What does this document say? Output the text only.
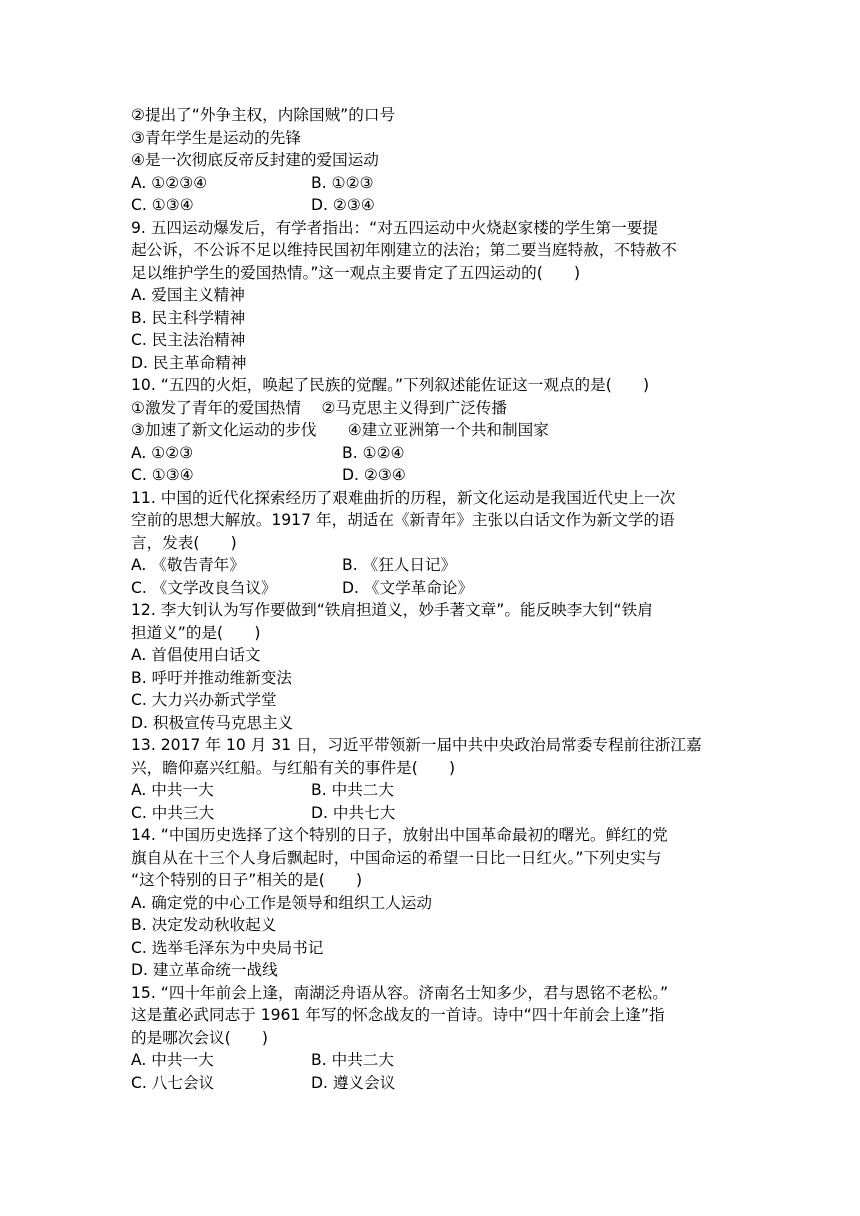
②提出了“外争主权，内除国贼”的口号
③青年学生是运动的先锋
④是一次彻底反帝反封建的爱国运动
A. ①②③④	B. ①②③
C. ①③④	D. ②③④
9. 五四运动爆发后，有学者指出：“对五四运动中火烧赵家楼的学生第一要提
起公诉，不公诉不足以维持民国初年刚建立的法治；第二要当庭特赦，不特赦不
足以维护学生的爱国热情。”这一观点主要肯定了五四运动的(　　)
A. 爱国主义精神
B. 民主科学精神
C. 民主法治精神
D. 民主革命精神
10. “五四的火炬，唤起了民族的觉醒。”下列叙述能佐证这一观点的是(　　)
①激发了青年的爱国热情　 ②马克思主义得到广泛传播
③加速了新文化运动的步伐　　④建立亚洲第一个共和制国家
A. ①②③	B. ①②④
C. ①③④	D. ②③④
11. 中国的近代化探索经历了艰难曲折的历程，新文化运动是我国近代史上一次
空前的思想大解放。1917 年，胡适在《新青年》主张以白话文作为新文学的语
言，发表(　　)
A. 《敬告青年》	B. 《狂人日记》
C. 《文学改良刍议》	D. 《文学革命论》
12. 李大钊认为写作要做到“铁肩担道义，妙手著文章”。能反映李大钊“铁肩
担道义”的是(　　)
A. 首倡使用白话文
B. 呼吁并推动维新变法
C. 大力兴办新式学堂
D. 积极宣传马克思主义
13. 2017 年 10 月 31 日，习近平带领新一届中共中央政治局常委专程前往浙江嘉
兴，瞻仰嘉兴红船。与红船有关的事件是(　　)
A. 中共一大	B. 中共二大
C. 中共三大	D. 中共七大
14. “中国历史选择了这个特别的日子，放射出中国革命最初的曙光。鲜红的党
旗自从在十三个人身后飘起时，中国命运的希望一日比一日红火。”下列史实与
“这个特别的日子”相关的是(　　)
A. 确定党的中心工作是领导和组织工人运动
B. 决定发动秋收起义
C. 选举毛泽东为中央局书记
D. 建立革命统一战线
15. “四十年前会上逢，南湖泛舟语从容。济南名士知多少，君与恩铭不老松。”
这是董必武同志于 1961 年写的怀念战友的一首诗。诗中“四十年前会上逢”指
的是哪次会议(　　)
A. 中共一大	B. 中共二大
C. 八七会议	D. 遵义会议
